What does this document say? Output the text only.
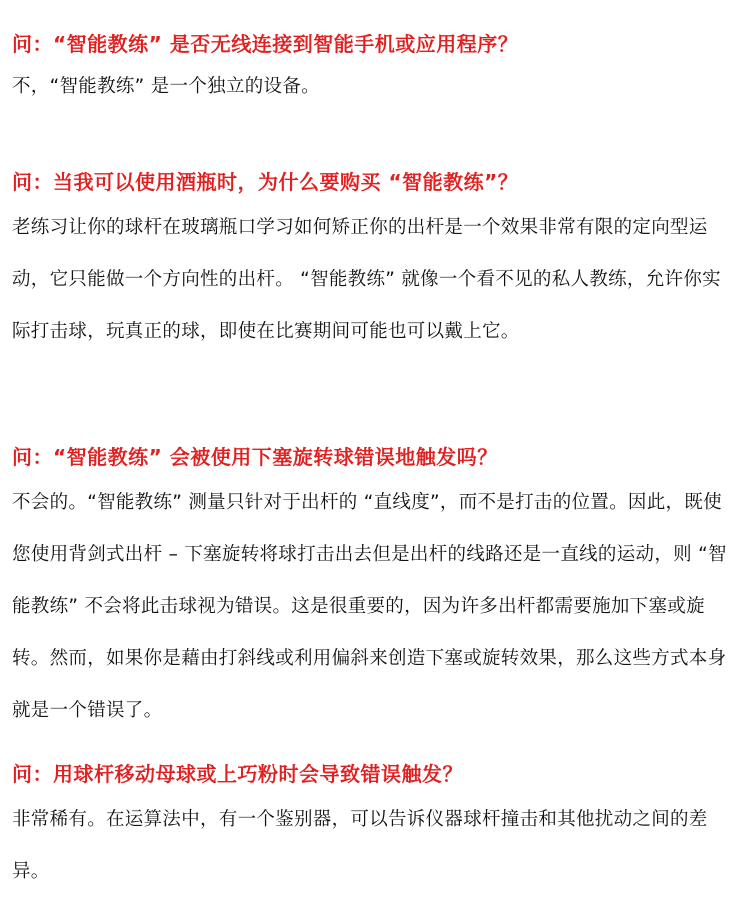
问：“智能教练” 是否无线连接到智能手机或应用程序？

不，“智能教练” 是一个独立的设备。

问：当我可以使用酒瓶时，为什么要购买 “智能教练”？

老练习让你的球杆在玻璃瓶口学习如何矫正你的出杆是一个效果非常有限的定向型运动，它只能做一个方向性的出杆。 “智能教练” 就像一个看不见的私人教练，允许你实际打击球，玩真正的球，即使在比赛期间可能也可以戴上它。

问：“智能教练” 会被使用下塞旋转球错误地触发吗？

不会的。“智能教练” 测量只针对于出杆的 “直线度”，而不是打击的位置。因此，既使您使用背剑式出杆 – 下塞旋转将球打击出去但是出杆的线路还是一直线的运动，则 “智能教练” 不会将此击球视为错误。这是很重要的，因为许多出杆都需要施加下塞或旋转。然而，如果你是藉由打斜线或利用偏斜来创造下塞或旋转效果，那么这些方式本身就是一个错误了。

问：用球杆移动母球或上巧粉时会导致错误触发？

非常稀有。在运算法中，有一个鉴别器，可以告诉仪器球杆撞击和其他扰动之间的差异。
